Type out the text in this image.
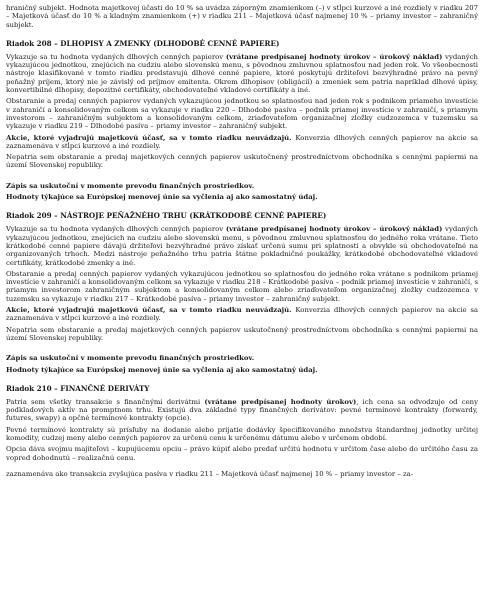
hraničný subjekt. Hodnota majetkovej účasti do 10 % sa uvádza záporným znamienkom (–) v stĺpci kurzové a iné rozdiely v riadku 207 – Majetková účasť do 10 % a kladným znamienkom (+) v riadku 211 – Majetková účasť najmenej 10 % – priamy investor – zahraničný subjekt.

Riadok 208 – DLHOPISY A ZMENKY (DLHODOBÉ CENNÉ PAPIERE)

Vykazuje sa tu hodnota vydaných dlhových cenných papierov (vrátane predpísanej hodnoty úrokov – úrokový náklad) vydaných vykazujúcou jednotkou, znejúcich na cudziu alebo slovenskú menu, s pôvodnou zmluvnou splatnosťou nad jeden rok. Vo všeobecnosti nástroje klasifikované v tomto riadku predstavujú dlhové cenné papiere, ktoré poskytujú držiteľovi bezvýhradné právo na pevný peňažný príjem, ktorý nie je závislý od príjmov emitenta. Okrem dlhopisov (obligácií) a zmeniek sem patria napríklad dlhové úpisy, konvertibilné dlhopisy, depozitné certifikáty, obchodovateľné vkladové certifikáty a iné.

Obstaranie a predaj cenných papierov vydaných vykazujúcou jednotkou so splatnosťou nad jeden rok s podnikom priameho investície v zahraničí a konsolidovaným celkom sa vykazuje v riadku 220 – Dlhodobé pasíva – podnik priamej investície v zahraničí, s priamym investorom – zahraničným subjektom a konsolidovaným celkom, zriaďovateľom organizačnej zložky cudzozemca v tuzemsku sa vykazuje v riadku 219 – Dlhodobé pasíva – priamy investor – zahraničný subjekt.

Akcie, ktoré vyjadrujú majetkovú účasť, sa v tomto riadku neuvádzajú. Konverzia dlhových cenných papierov na akcie sa zaznamenáva v stĺpci kurzové a iné rozdiely.

Nepatria sem obstaranie a predaj majetkových cenných papierov uskutočnený prostredníctvom obchodníka s cennými papiermi na území Slovenskej republiky.

Zápis sa uskutoční v momente prevodu finančných prostriedkov.

Hodnoty týkajúce sa Európskej menovej únie sa vyčlenia aj ako samostatný údaj.

Riadok 209 – NÁSTROJE PEŇAŽNÉHO TRHU (KRÁTKODOBÉ CENNÉ PAPIERE)

Vykazuje sa tu hodnota vydaných dlhových cenných papierov (vrátane predpísanej hodnoty úrokov – úrokový náklad) vydaných vykazujúcou jednotkou, znejúcich na cudziu alebo slovenskú menu, s pôvodnou zmluvnou splatnosťou do jedného roka vrátane. Tieto krátkodobé cenné papiere dávajú držiteľovi bezvýhradné právo získať určenú sumu pri splatnosti a obvykle sú obchodovateľné na organizovaných trhoch. Medzi nástroje peňažného trhu patria štátne pokladničné poukážky, krátkodobé obchodovateľné vkladové certifikáty, krátkodobé zmenky a iné.

Obstaranie a predaj cenných papierov vydaných vykazujúcou jednotkou so splatnosťou do jedného roka vrátane s podnikom priamej investície v zahraničí a konsolidovaným celkom sa vykazuje v riadku 218 – Krátkodobé pasíva – podnik priamej investície v zahraničí, s priamym investorom zahraničným subjektom a konsolidovaným celkom alebo zriaďovateľom organizačnej zložky cudzozemca v tuzemsku sa vykazuje v riadku 217 – Krátkodobé pasíva – priamy investor – zahraničný subjekt.

Akcie, ktoré vyjadrujú majetkovú účasť, sa v tomto riadku neuvádzajú. Konverzia dlhových cenných papierov na akcie sa zaznamenáva v stĺpci kurzové a iné rozdiely.

Nepatria sem obstaranie a predaj majetkových cenných papierov uskutočnený prostredníctvom obchodníka s cennými papiermi na území Slovenskej republiky.

Zápis sa uskutoční v momente prevodu finančných prostriedkov.

Hodnoty týkajúce sa Európskej menovej únie sa vyčlenia aj ako samostatný údaj.

Riadok 210 – FINANČNÉ DERIVÁTY

Patria sem všetky transakcie s finančnými derivátmi (vrátane predpísanej hodnoty úrokov), ich cena sa odvodzuje od ceny podkladových aktív na promptnom trhu. Existujú dva základné typy finančných derivátov: pevné termínové kontrakty (forwardy, futures, swapy) a opčné termínové kontrakty (opcie).

Pevné termínové kontrakty sú prísľuby na dodanie alebo prijatie dodávky špecifikovaného množstva štandardnej jednotky určitej komodity, cudzej meny alebo cenných papierov za určenú cenu k určenému dátumu alebo v určenom období.

Opcia dáva svojmu majiteľovi – kupujúcemu opciu – právo kúpiť alebo predať určitú hodnotu v určitom čase alebo do určitého času za vopred dohodnutú – realizačnú cenu.

zaznamenáva ako transakcia zvyšujúca pasíva v riadku 211 – Majetková účasť najmenej 10 % – priamy investor – za-
